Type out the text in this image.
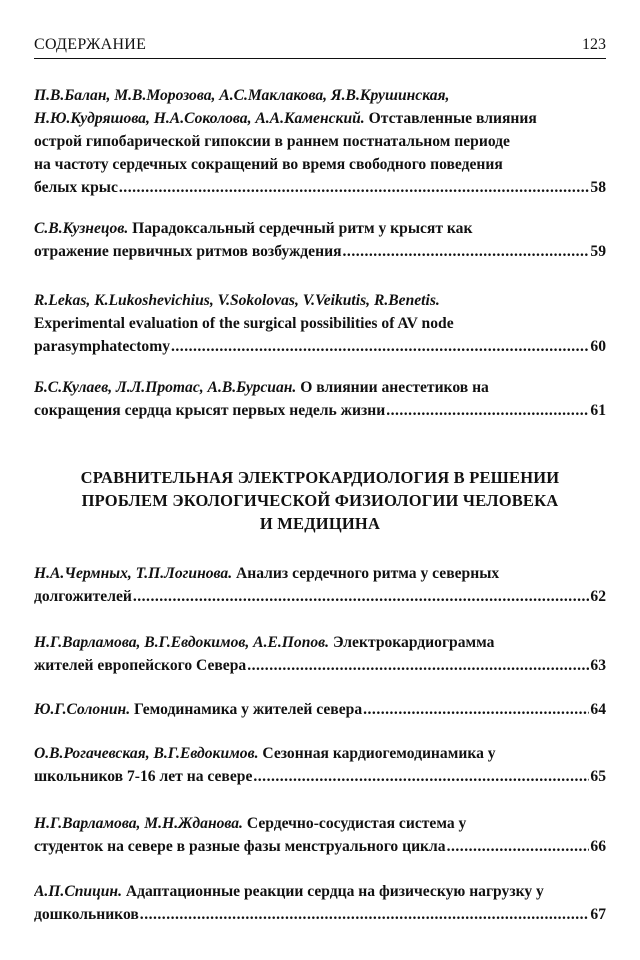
СОДЕРЖАНИЕ	123
П.В.Балан, М.В.Морозова, А.С.Маклакова, Я.В.Крушинская,
Н.Ю.Кудряшова, Н.А.Соколова, А.А.Каменский.
Отставленные влияния
острой гипобарической гипоксии в раннем постнатальном периоде
на частоту сердечных сокращений во время свободного поведения
белых крыс .....	58
С.В.Кузнецов.
Парадоксальный сердечный ритм у крысят как
отражение первичных ритмов возбуждения .....	59
R.Lekas, K.Lukoshevichius, V.Sokolovas, V.Veikutis, R.Benetis.
Experimental evaluation of the surgical possibilities of AV node
parasymphatectomy .....	60
Б.С.Кулаев, Л.Л.Протас, А.В.Бурсиан.
О влиянии анестетиков на
сокращения сердца крысят первых недель жизни .....	61
СРАВНИТЕЛЬНАЯ ЭЛЕКТРОКАРДИОЛОГИЯ В РЕШЕНИИ
ПРОБЛЕМ ЭКОЛОГИЧЕСКОЙ ФИЗИОЛОГИИ ЧЕЛОВЕКА
И МЕДИЦИНА
Н.А.Чермных, Т.П.Логинова.
Анализ сердечного ритма у северных
долгожителей .....	62
Н.Г.Варламова, В.Г.Евдокимов, А.Е.Попов.
Электрокардиограмма
жителей европейского Севера .....	63
Ю.Г.Солонин.
Гемодинамика у жителей севера .....	64
О.В.Рогачевская, В.Г.Евдокимов.
Сезонная кардиогемодинамика у
школьников 7-16 лет на севере .....	65
Н.Г.Варламова, М.Н.Жданова.
Сердечно-сосудистая система у
студенток на севере в разные фазы менструального цикла .....	66
А.П.Спицин.
Адаптационные реакции сердца на физическую нагрузку у
дошкольников .....	67
